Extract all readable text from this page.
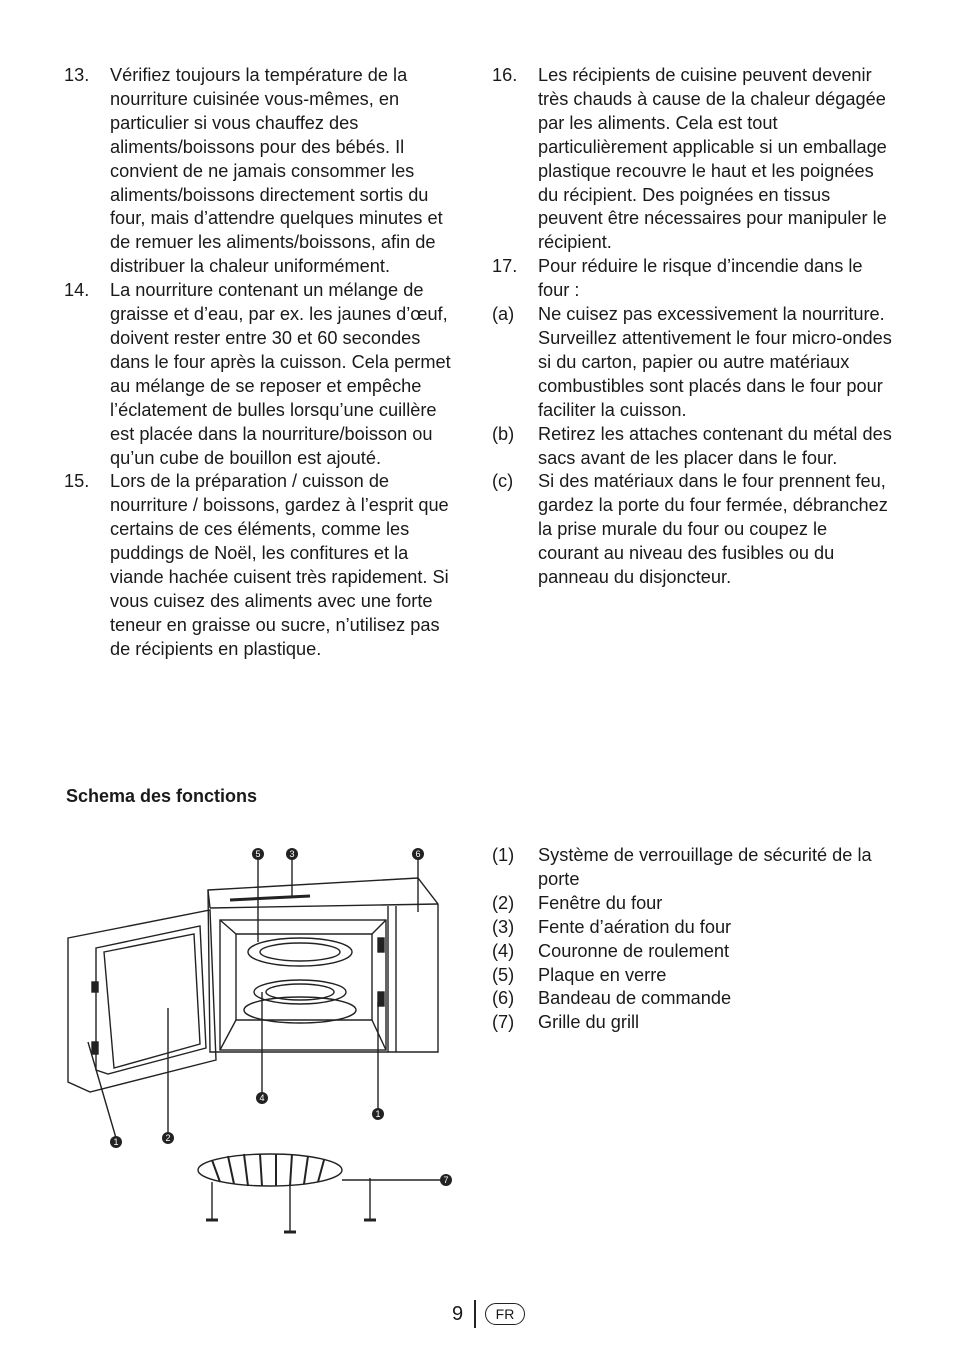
13.	Vérifiez toujours la température de la nourriture cuisinée vous-mêmes, en particulier si vous chauffez des aliments/boissons pour des bébés. Il convient de ne jamais consommer les aliments/boissons directement sortis du four, mais d’attendre quelques minutes et de remuer les aliments/boissons, afin de distribuer la chaleur uniformément.
14.	La nourriture contenant un mélange de graisse et d’eau, par ex. les jaunes d’œuf, doivent rester entre 30 et 60 secondes dans le four après la cuisson. Cela permet au mélange de se reposer et empêche l’éclatement de bulles lorsqu’une cuillère est placée dans la nourriture/boisson ou qu’un cube de bouillon est ajouté.
15.	Lors de la préparation / cuisson de nourriture / boissons, gardez à l’esprit que certains de ces éléments, comme les puddings de Noël, les confitures et la viande hachée cuisent très rapidement. Si vous cuisez des aliments avec une forte teneur en graisse ou sucre, n’utilisez pas de récipients en plastique.
16.	Les récipients de cuisine peuvent devenir très chauds à cause de la chaleur dégagée par les aliments. Cela est tout particulièrement applicable si un emballage plastique recouvre le haut et les poignées du récipient. Des poignées en tissus peuvent être nécessaires pour manipuler le récipient.
17.	Pour réduire le risque d’incendie dans le four :
(a)	Ne cuisez pas excessivement la nourriture. Surveillez attentivement le four micro-ondes si du carton, papier ou autre matériaux combustibles sont placés dans le four pour faciliter la cuisson.
(b)	Retirez les attaches contenant du métal des sacs avant de les placer dans le four.
(c)	Si des matériaux dans le four prennent feu, gardez la porte du four fermée, débranchez la prise murale du four ou coupez le courant au niveau des fusibles ou du panneau du disjoncteur.
Schema des fonctions
5	3	6
4
1
2
1
7
(1)	Système de verrouillage de sécurité de la porte
(2)	Fenêtre du four
(3)	Fente d’aération du four
(4)	Couronne de roulement
(5)	Plaque en verre
(6)	Bandeau de commande
(7)	Grille du grill
9	FR
